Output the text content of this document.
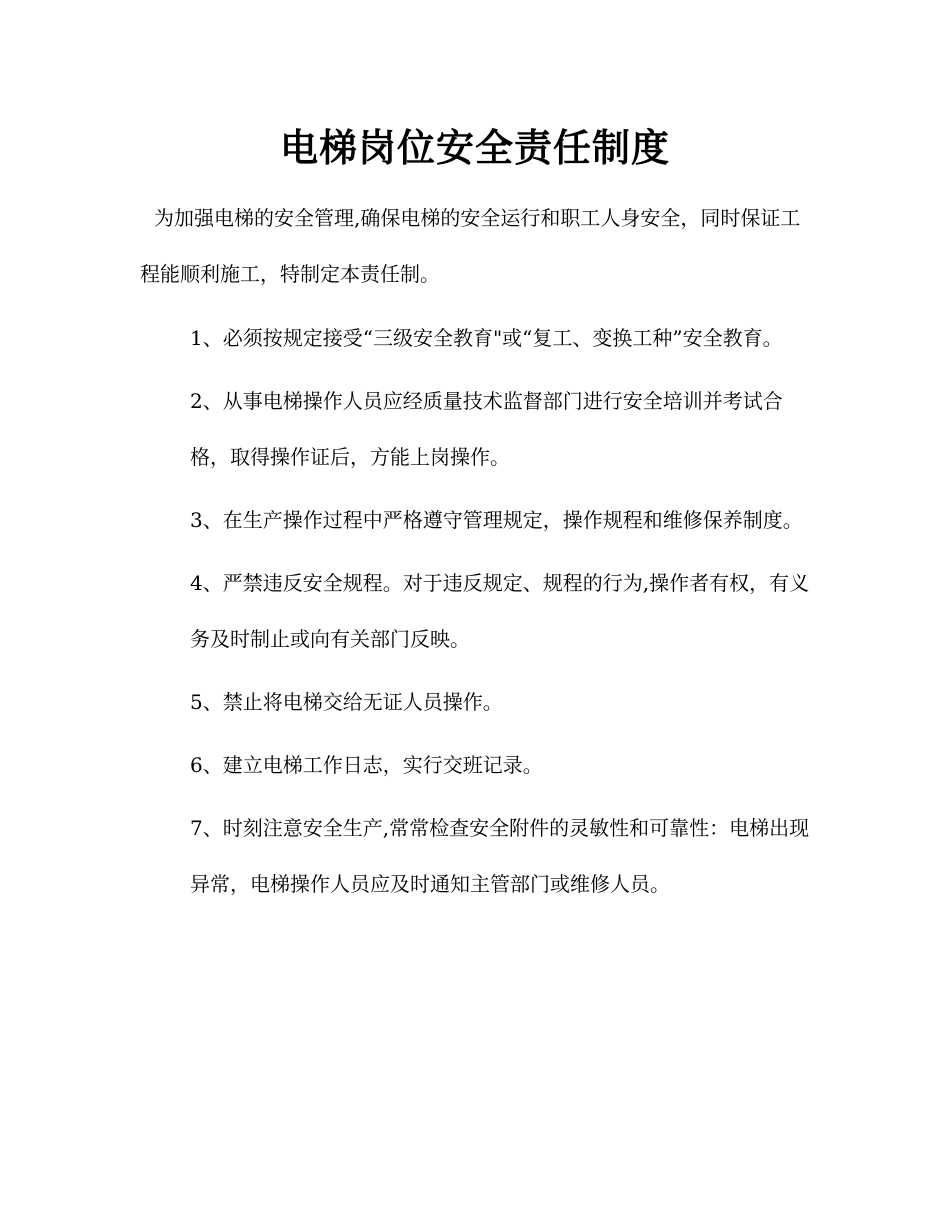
电梯岗位安全责任制度

为加强电梯的安全管理,确保电梯的安全运行和职工人身安全，同时保证工程能顺利施工，特制定本责任制。

1、必须按规定接受“三级安全教育"或“复工、变换工种”安全教育。
2、从事电梯操作人员应经质量技术监督部门进行安全培训并考试合格，取得操作证后，方能上岗操作。
3、在生产操作过程中严格遵守管理规定，操作规程和维修保养制度。
4、严禁违反安全规程。对于违反规定、规程的行为,操作者有权，有义务及时制止或向有关部门反映。
5、禁止将电梯交给无证人员操作。
6、建立电梯工作日志，实行交班记录。
7、时刻注意安全生产,常常检查安全附件的灵敏性和可靠性：电梯出现异常，电梯操作人员应及时通知主管部门或维修人员。
